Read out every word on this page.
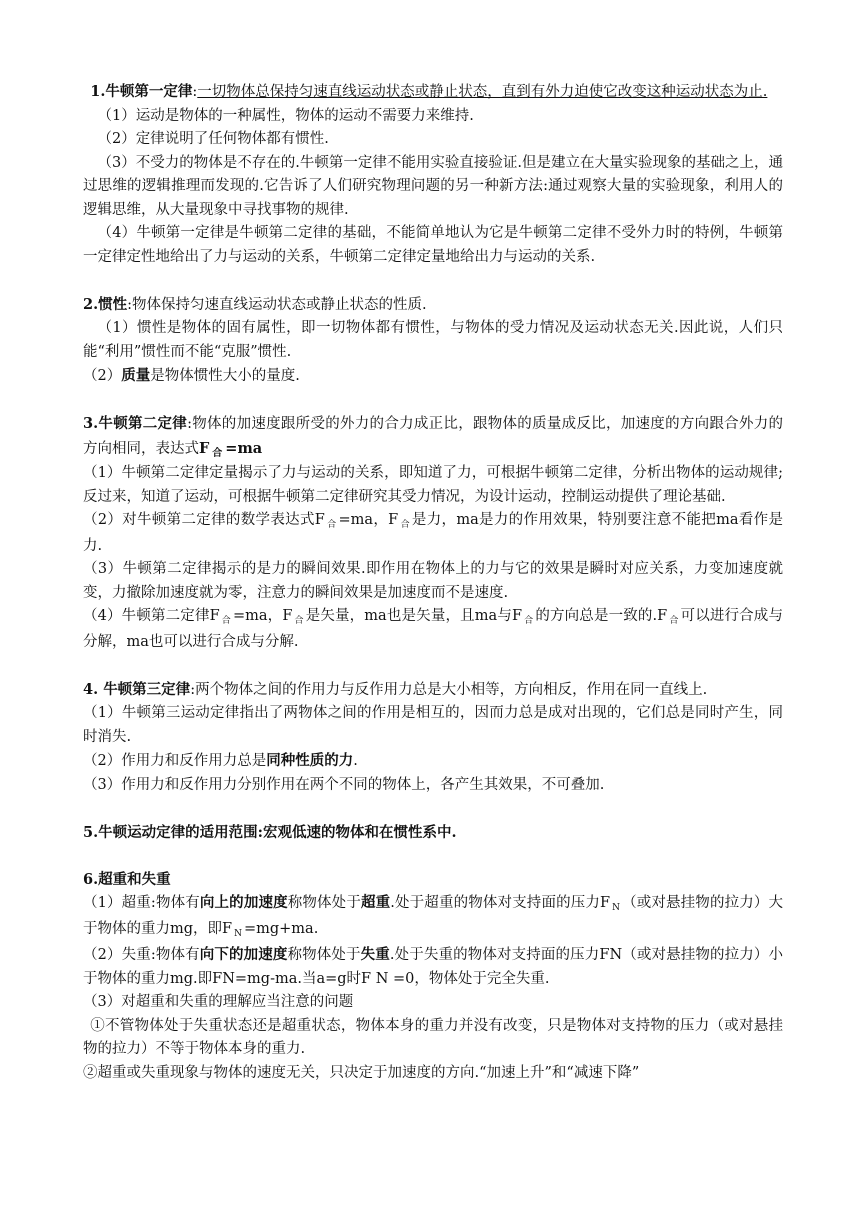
1.牛顿第一定律:一切物体总保持匀速直线运动状态或静止状态，直到有外力迫使它改变这种运动状态为止.
（1）运动是物体的一种属性，物体的运动不需要力来维持.
（2）定律说明了任何物体都有惯性.
（3）不受力的物体是不存在的.牛顿第一定律不能用实验直接验证.但是建立在大量实验现象的基础之上，通过思维的逻辑推理而发现的.它告诉了人们研究物理问题的另一种新方法:通过观察大量的实验现象，利用人的逻辑思维，从大量现象中寻找事物的规律.
（4）牛顿第一定律是牛顿第二定律的基础，不能简单地认为它是牛顿第二定律不受外力时的特例，牛顿第一定律定性地给出了力与运动的关系，牛顿第二定律定量地给出力与运动的关系.
2.惯性:物体保持匀速直线运动状态或静止状态的性质.
（1）惯性是物体的固有属性，即一切物体都有惯性，与物体的受力情况及运动状态无关.因此说，人们只能“利用”惯性而不能“克服”惯性.
（2）质量是物体惯性大小的量度.
3.牛顿第二定律:物体的加速度跟所受的外力的合力成正比，跟物体的质量成反比，加速度的方向跟合外力的方向相同，表达式F $_合$ =ma
（1）牛顿第二定律定量揭示了力与运动的关系，即知道了力，可根据牛顿第二定律，分析出物体的运动规律;反过来，知道了运动，可根据牛顿第二定律研究其受力情况，为设计运动，控制运动提供了理论基础.
（2）对牛顿第二定律的数学表达式F $_合$ =ma，F $_合$ 是力，ma是力的作用效果，特别要注意不能把ma看作是力.
（3）牛顿第二定律揭示的是力的瞬间效果.即作用在物体上的力与它的效果是瞬时对应关系，力变加速度就变，力撤除加速度就为零，注意力的瞬间效果是加速度而不是速度.
（4）牛顿第二定律F $_合$ =ma，F $_合$ 是矢量，ma也是矢量，且ma与F $_合$ 的方向总是一致的.F $_合$ 可以进行合成与分解，ma也可以进行合成与分解.
4. 牛顿第三定律:两个物体之间的作用力与反作用力总是大小相等，方向相反，作用在同一直线上.
（1）牛顿第三运动定律指出了两物体之间的作用是相互的，因而力总是成对出现的，它们总是同时产生，同时消失.
（2）作用力和反作用力总是同种性质的力.
（3）作用力和反作用力分别作用在两个不同的物体上，各产生其效果，不可叠加.
5.牛顿运动定律的适用范围:宏观低速的物体和在惯性系中.
6.超重和失重
（1）超重:物体有向上的加速度称物体处于超重.处于超重的物体对支持面的压力F $_N$ （或对悬挂物的拉力）大于物体的重力mg，即F $_N$ =mg+ma.
（2）失重:物体有向下的加速度称物体处于失重.处于失重的物体对支持面的压力FN（或对悬挂物的拉力）小于物体的重力mg.即FN=mg-ma.当a=g时F N =0，物体处于完全失重.
（3）对超重和失重的理解应当注意的问题
①不管物体处于失重状态还是超重状态，物体本身的重力并没有改变，只是物体对支持物的压力（或对悬挂物的拉力）不等于物体本身的重力.
②超重或失重现象与物体的速度无关，只决定于加速度的方向.“加速上升”和“减速下降”
